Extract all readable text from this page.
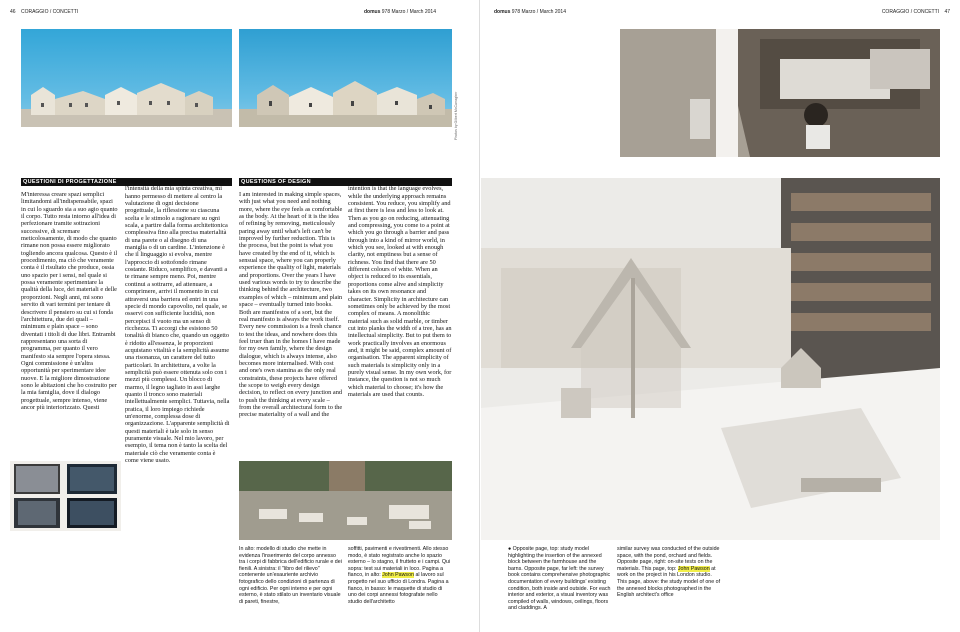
46 CORAGGIO / CONCETTI	domus 978 Marzo / March 2014	domus 978 Marzo / March 2014	CORAGGIO / CONCETTI 47
Photos by Gilbert McCarragher
QUESTIONI DI PROGETTAZIONE	QUESTIONS OF DESIGN
M'interessa creare spazi semplici limitandomi all'indispensabile, spazi in cui lo sguardo sia a suo agio quanto il corpo. Tutto resta intorno all'idea di perfezionare tramite sottrazioni successive, di scremare meticolosamente, di modo che quanto rimane non possa essere migliorato togliendo ancora qualcosa. Questo è il procedimento, ma ciò che veramente conta è il risultato che produce, ossia uno spazio per i sensi, nel quale si possa veramente sperimentare la qualità della luce, dei materiali e delle proporzioni. Negli anni, mi sono servito di vari termini per tentare di descrivere il pensiero su cui si fonda l'architettura, due dei quali – minimum e plain space – sono diventati i titoli di due libri. Entrambi rappresentano una sorta di programma, per quanto il vero manifesto sia sempre l'opera stessa. Ogni commissione è un'altra opportunità per sperimentare idee nuove. E la migliore dimostrazione sono le abitazioni che ho costruito per la mia famiglia, dove il dialogo progettuale, sempre intenso, viene ancor più interiorizzato. Questi
progetti, in cui i limiti erano solo i costi e l'intensità della mia spinta creativa, mi hanno permesso di mettere al centro la valutazione di ogni decisione progettuale, la riflessione su ciascuna scelta e le stimolo a ragionare su ogni scala, a partire dalla forma architettonica complessiva fino alla precisa materialità di una parete o al disegno di una maniglia o di un cardine. L'intenzione è che il linguaggio si evolva, mentre l'approccio di sottofondo rimane costante. Riduco, semplifico, e davanti a te rimane sempre meno. Poi, mentre continui a sottrarre, ad attenuare, a comprimere, arrivi il momento in cui attraversi una barriera ed entri in una specie di mondo capovolto, nel quale, se osservi con sufficiente lucidità, non percepisci il vuoto ma un senso di ricchezza. Ti accorgi che esistono 50 tonalità di bianco che, quando un oggetto è ridotto all'essenza, le proporzioni acquistano vitalità e la semplicità assume una risonanza, un carattere del tutto particolari. In architettura, a volte la semplicità può essere ottenuta solo con i mezzi più complessi. Un blocco di marmo, il legno tagliato in assi larghe quanto il tronco sono materiali intellettualmente semplici. Tuttavia, nella pratica, il loro impiego richiede un'enorme, complessa dose di organizzazione. L'apparente semplicità di questi materiali è tale solo in senso puramente visuale. Nel mio lavoro, per esempio, il tema non è tanto la scelta del materiale ciò che veramente conta è come viene usato.
I am interested in making simple spaces, with just what you need and nothing more, where the eye feels as comfortable as the body. At the heart of it is the idea of refining by removing, meticulously paring away until what's left can't be improved by further reduction. This is the process, but the point is what you have created by the end of it, which is sensual space, where you can properly experience the quality of light, materials and proportions. Over the years I have used various words to try to describe the thinking behind the architecture, two examples of which – minimum and plain space – eventually turned into books. Both are manifestos of a sort, but the real manifesto is always the work itself. Every new commission is a fresh chance to test the ideas, and nowhere does this feel truer than in the homes I have made for my own family, where the design dialogue, which is always intense, also becomes more internalised. With cost and one's own stamina as the only real constraints, these projects have offered the scope to weigh every design decision, to reflect on every junction and to push the thinking at every scale – from the overall architectural form to the precise materiality of a wall and the
design of a hinge or handle. The intention is that the language evolves, while the underlying approach remains consistent. You reduce, you simplify and at first there is less and less to look at. Then as you go on reducing, attenuating and compressing, you come to a point at which you go through a barrier and pass through into a kind of mirror world, in which you see, looked at with enough clarity, not emptiness but a sense of richness. You find that there are 50 different colours of white. When an object is reduced to its essentials, proportions come alive and simplicity takes on its own resonance and character. Simplicity in architecture can sometimes only be achieved by the most complex of means. A monolithic material such as solid marble, or timber cut into planks the width of a tree, has an intellectual simplicity. But to put them to work practically involves an enormous and, it might be said, complex amount of organisation. The apparent simplicity of such materials is simplicity only in a purely visual sense. In my own work, for instance, the question is not so much which material to choose; it's how the materials are used that counts.
In alto: modello di studio che mette in evidenza l'inserimento del corpo annesso tra i corpi di fabbrica dell'edificio rurale e dei fienili. A sinistra: il "libro del rilievo" contenente un'esauriente archivio fotografico dello condizioni di partenza di ogni edificio. Per ogni interno e per ogni esterno, è stato stilato un inventario visuale di pareti, finestre,
soffitti, pavimenti e rivestimenti. Allo stesso modo, è stato registrato anche lo spazio esterno – lo stagno, il frutteto e i campi. Qui sopra: test sui materiali in loco. Pagina a fianco, in alto: John Pawson al lavoro sul progetto nel suo ufficio di Londra. Pagina a fianco, in basso: le maquette di studio di uno dei corpi annessi fotografate nello studio dell'architetto
● Opposite page, top: study model highlighting the insertion of the annexed block between the farmhouse and the barns. Opposite page, far left: the survey book contains comprehensive photographic documentation of every buildings' existing condition, both inside and outside. For each interior and exterior, a visual inventory was compiled of walls, windows, ceilings, floors and claddings. A
similar survey was conducted of the outside space, with the pond, orchard and fields. Opposite page, right: on-site tests on the materials. This page, top: John Pawson at work on the project in his London studio. This page, above: the study model of one of the annexed blocks photographed in the English architect's office
